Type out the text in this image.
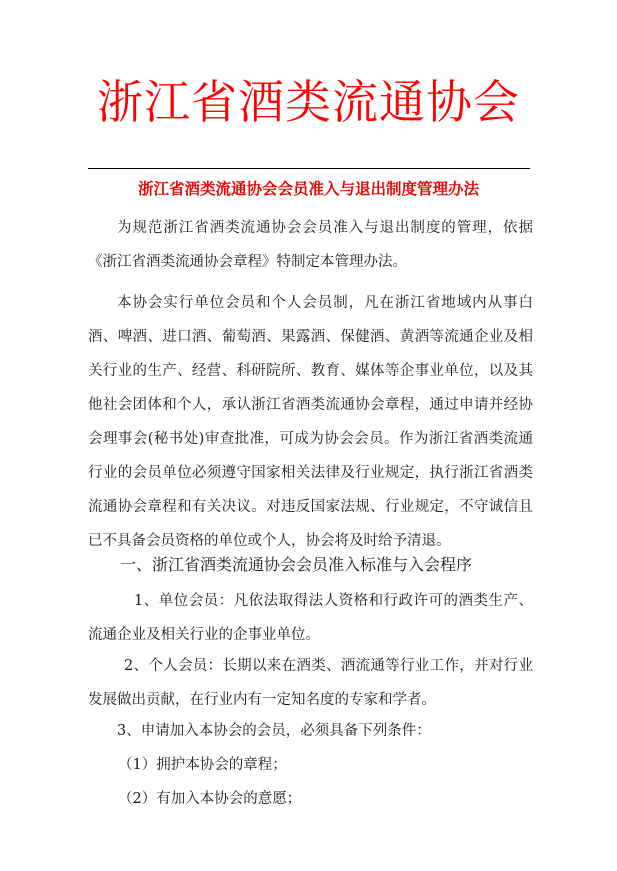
浙江省酒类流通协会
浙江省酒类流通协会会员准入与退出制度管理办法

为规范浙江省酒类流通协会会员准入与退出制度的管理，依据《浙江省酒类流通协会章程》特制定本管理办法。

本协会实行单位会员和个人会员制，凡在浙江省地域内从事白酒、啤酒、进口酒、葡萄酒、果露酒、保健酒、黄酒等流通企业及相关行业的生产、经营、科研院所、教育、媒体等企事业单位，以及其他社会团体和个人，承认浙江省酒类流通协会章程，通过申请并经协会理事会(秘书处)审查批准，可成为协会会员。作为浙江省酒类流通行业的会员单位必须遵守国家相关法律及行业规定，执行浙江省酒类流通协会章程和有关决议。对违反国家法规、行业规定，不守诚信且已不具备会员资格的单位或个人，协会将及时给予清退。

一、浙江省酒类流通协会会员准入标准与入会程序

1、单位会员：凡依法取得法人资格和行政许可的酒类生产、流通企业及相关行业的企事业单位。

2、个人会员：长期以来在酒类、酒流通等行业工作，并对行业发展做出贡献，在行业内有一定知名度的专家和学者。

3、申请加入本协会的会员，必须具备下列条件：

（1）拥护本协会的章程；

（2）有加入本协会的意愿；
